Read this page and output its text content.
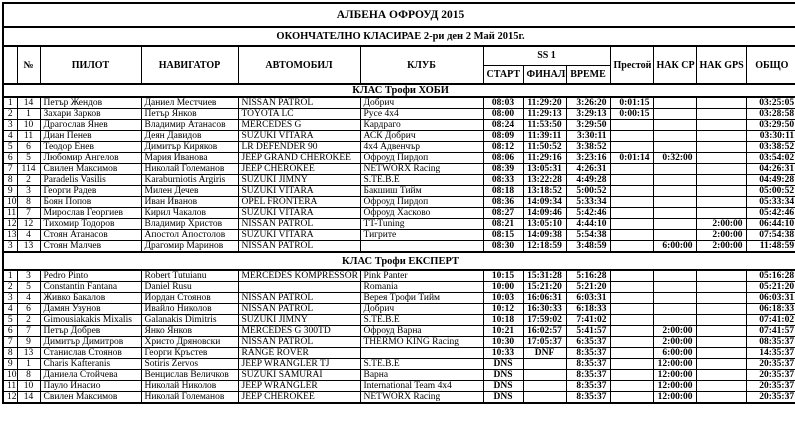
АЛБЕНА ОФРОУД 2015												
ОКОНЧАТЕЛНО КЛАСИРАЕ 2-ри ден 2 Май 2015г.												
	№	ПИЛОТ	НАВИГАТОР	АВТОМОБИЛ	КЛУБ	SS 1			Престой	НАК СР	НАК GPS	ОБЩО
						СТАРТ	ФИНАЛ	ВРЕМЕ				
КЛАС Трофи ХОБИ												
1	14	Петър Жендов	Даниел Местчиев	NISSAN PATROL	Добрич	08:03	11:29:20	3:26:20	0:01:15			03:25:05
2	1	Захари Зарков	Петър Янков	TOYOTA LC	Русе 4x4	08:00	11:29:13	3:29:13	0:00:15			03:28:58
3	10	Драгослав Янев	Владимир Атанасов	MERCEDES G	Кардраго	08:24	11:53:50	3:29:50				03:29:50
4	11	Диан Пенев	Деян Давидов	SUZUKI VITARA	АСК Добрич	08:09	11:39:11	3:30:11				03:30:11
5	6	Теодор Енев	Димитър Киряков	LR DEFENDER 90	4x4 Адвенчър	08:12	11:50:52	3:38:52				03:38:52
6	5	Любомир Ангелов	Мария Иванова	JEEP GRAND CHEROKEE	Офроуд Пирдоп	08:06	11:29:16	3:23:16	0:01:14	0:32:00		03:54:02
7	114	Свилен Максимов	Николай Големанов	JEEP CHEROKEE	NETWORX Racing	08:39	13:05:31	4:26:31				04:26:31
8	2	Paradelis Vasilis	Karaburniotis Argiris	SUZUKI JIMNY	S.TE.B.E	08:33	13:22:28	4:49:28				04:49:28
9	3	Георги Радев	Милен Дечев	SUZUKI VITARA	Бакшиш Тийм	08:18	13:18:52	5:00:52				05:00:52
10	8	Боян Попов	Иван Иванов	OPEL FRONTERA	Офроуд Пирдоп	08:36	14:09:34	5:33:34				05:33:34
11	7	Мирослав Георгиев	Кирил Чакалов	SUZUKI VITARA	Офроуд Хасково	08:27	14:09:46	5:42:46				05:42:46
12	12	Тихомир Тодоров	Владимир Христов	NISSAN PATROL	TT-Tuning	08:21	13:05:10	4:44:10			2:00:00	06:44:10
13	4	Стоян Атанасов	Апостол Апостолов	SUZUKI VITARA	Тигрите	08:15	14:09:38	5:54:38			2:00:00	07:54:38
3	13	Стоян Малчев	Драгомир Маринов	NISSAN PATROL		08:30	12:18:59	3:48:59		6:00:00	2:00:00	11:48:59
КЛАС Трофи ЕКСПЕРТ												
1	3	Pedro Pinto	Robert Tutuianu	MERCEDES KOMPRESSOR	Pink Panter	10:15	15:31:28	5:16:28				05:16:28
2	5	Constantin Fantana	Daniel Rusu		Romania	10:00	15:21:20	5:21:20				05:21:20
3	4	Живко Бакалов	Йордан Стоянов	NISSAN PATROL	Верея Трофи Тийм	10:03	16:06:31	6:03:31				06:03:31
4	6	Дамян Узунов	Ивайло Николов	NISSAN PATROL	Добрич	10:12	16:30:33	6:18:33				06:18:33
5	2	Gimousiakakis Mixalis	Galanakis Dimitris	SUZUKI JIMNY	S.TE.B.E	10:18	17:59:02	7:41:02				07:41:02
6	7	Петър Добрев	Янко Янков	MERCEDES G 300TD	Офроуд Варна	10:21	16:02:57	5:41:57		2:00:00		07:41:57
7	9	Димитър Димитров	Христо Дряновски	NISSAN PATROL	THERMO KING Racing	10:30	17:05:37	6:35:37		2:00:00		08:35:37
8	13	Станислав Стоянов	Георги Кръстев	RANGE ROVER		10:33	DNF	8:35:37		6:00:00		14:35:37
9	1	Charis Kafteranis	Sotiris Zervos	JEEP WRANGLER TJ	S.TE.B.E	DNS		8:35:37		12:00:00		20:35:37
10	8	Даниела Стойчева	Венцислав Величков	SUZUKI SAMURAI	Варна	DNS		8:35:37		12:00:00		20:35:37
11	10	Пауло Инасио	Николай Николов	JEEP WRANGLER	International Team 4x4	DNS		8:35:37		12:00:00		20:35:37
12	14	Свилен Максимов	Николай Големанов	JEEP CHEROKEE	NETWORX Racing	DNS		8:35:37		12:00:00		20:35:37
